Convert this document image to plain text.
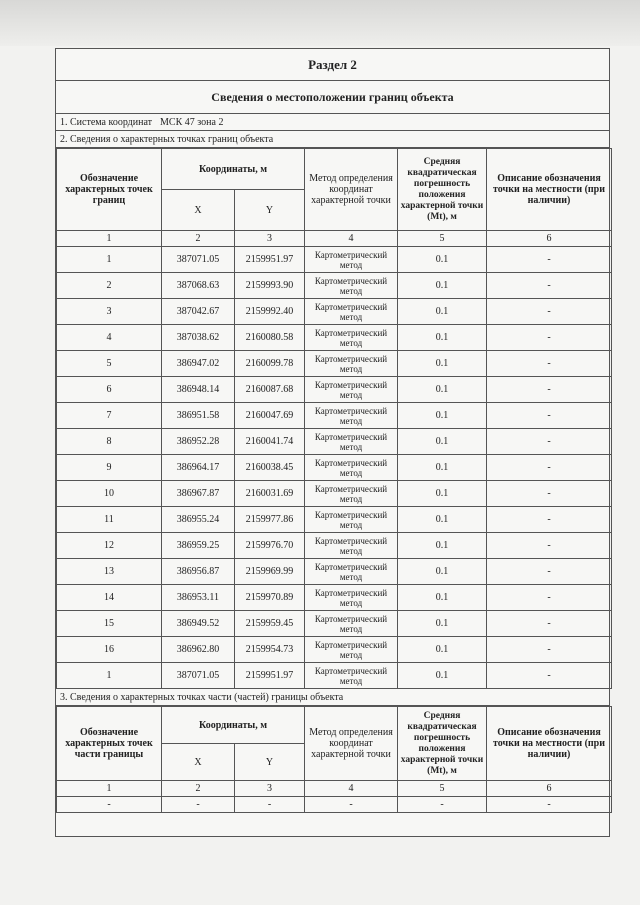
Раздел 2
Сведения о местоположении границ объекта
1. Система координат МСК 47 зона 2
2. Сведения о характерных точках границ объекта
Обозначение характерных точек границ	Координаты, м		Метод определения координат характерной точки	Средняя квадратическая погрешность положения характерной точки (Mt), м	Описание обозначения точки на местности (при наличии)
	X	Y			
1	2	3	4	5	6
1	387071.05	2159951.97	Картометрический метод	0.1	-
2	387068.63	2159993.90	Картометрический метод	0.1	-
3	387042.67	2159992.40	Картометрический метод	0.1	-
4	387038.62	2160080.58	Картометрический метод	0.1	-
5	386947.02	2160099.78	Картометрический метод	0.1	-
6	386948.14	2160087.68	Картометрический метод	0.1	-
7	386951.58	2160047.69	Картометрический метод	0.1	-
8	386952.28	2160041.74	Картометрический метод	0.1	-
9	386964.17	2160038.45	Картометрический метод	0.1	-
10	386967.87	2160031.69	Картометрический метод	0.1	-
11	386955.24	2159977.86	Картометрический метод	0.1	-
12	386959.25	2159976.70	Картометрический метод	0.1	-
13	386956.87	2159969.99	Картометрический метод	0.1	-
14	386953.11	2159970.89	Картометрический метод	0.1	-
15	386949.52	2159959.45	Картометрический метод	0.1	-
16	386962.80	2159954.73	Картометрический метод	0.1	-
1	387071.05	2159951.97	Картометрический метод	0.1	-
3. Сведения о характерных точках части (частей) границы объекта
Обозначение характерных точек части границы	Координаты, м		Метод определения координат характерной точки	Средняя квадратическая погрешность положения характерной точки (Mt), м	Описание обозначения точки на местности (при наличии)
	X	Y			
1	2	3	4	5	6
-	-	-	-	-	-
